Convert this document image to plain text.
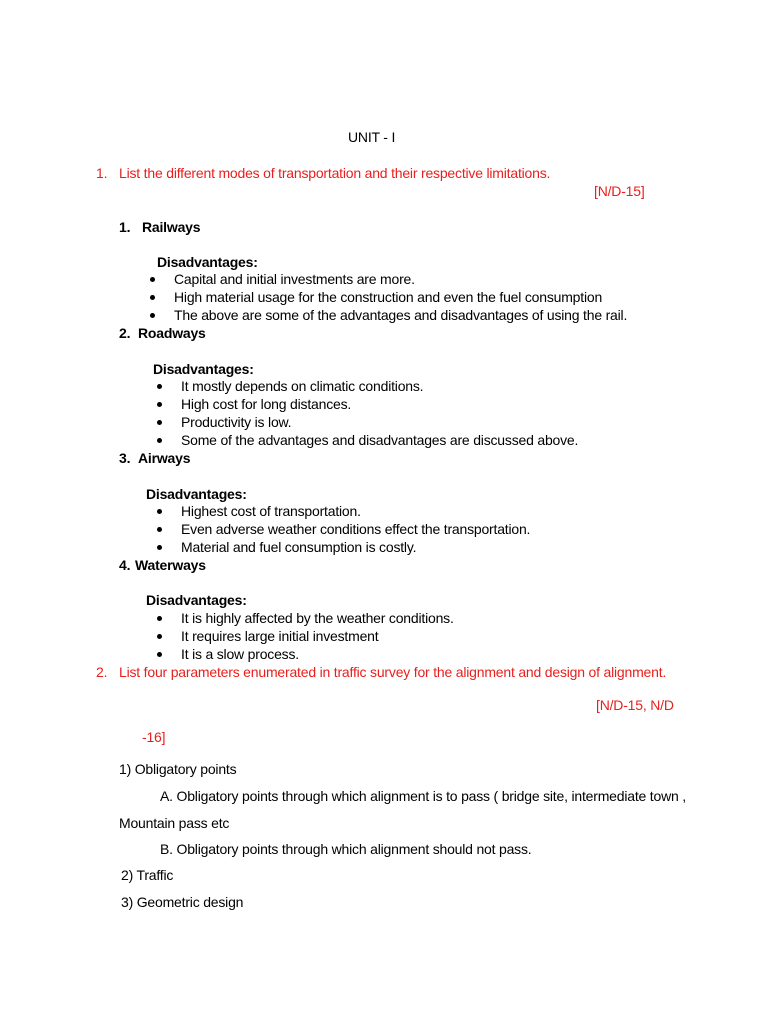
UNIT - I
1. List the different modes of transportation and their respective limitations.
[N/D-15]
1. Railways
Disadvantages:
Capital and initial investments are more.
High material usage for the construction and even the fuel consumption
The above are some of the advantages and disadvantages of using the rail.
2. Roadways
Disadvantages:
It mostly depends on climatic conditions.
High cost for long distances.
Productivity is low.
Some of the advantages and disadvantages are discussed above.
3. Airways
Disadvantages:
Highest cost of transportation.
Even adverse weather conditions effect the transportation.
Material and fuel consumption is costly.
4. Waterways
Disadvantages:
It is highly affected by the weather conditions.
It requires large initial investment
It is a slow process.
2. List four parameters enumerated in traffic survey for the alignment and design of alignment.
[N/D-15, N/D
-16]
1) Obligatory points
A. Obligatory points through which alignment is to pass ( bridge site, intermediate town ,
Mountain pass etc
B. Obligatory points through which alignment should not pass.
2) Traffic
3) Geometric design
